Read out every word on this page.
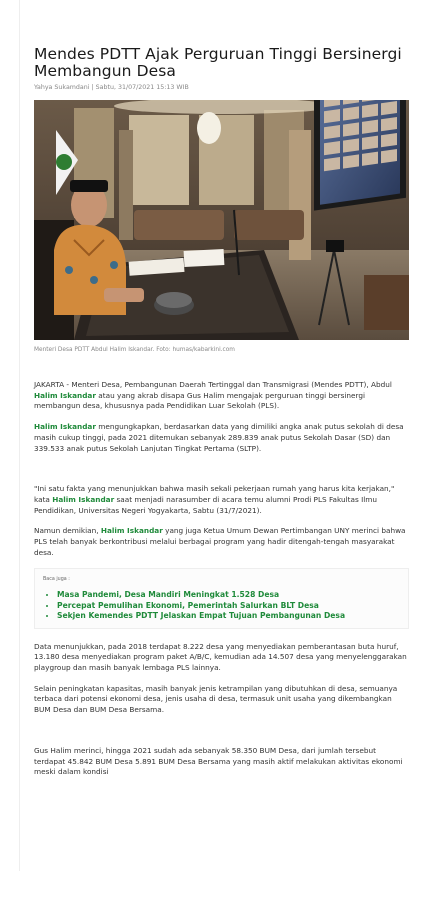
Mendes PDTT Ajak Perguruan Tinggi Bersinergi Membangun Desa
Yahya Sukamdani | Sabtu, 31/07/2021 15:13 WIB
Menteri Desa PDTT Abdul Halim Iskandar. Foto: humas/kabarkini.com

JAKARTA - Menteri Desa, Pembangunan Daerah Tertinggal dan Transmigrasi (Mendes PDTT), Abdul Halim Iskandar atau yang akrab disapa Gus Halim mengajak perguruan tinggi bersinergi membangun desa, khususnya pada Pendidikan Luar Sekolah (PLS).

Halim Iskandar mengungkapkan, berdasarkan data yang dimiliki angka anak putus sekolah di desa masih cukup tinggi, pada 2021 ditemukan sebanyak 289.839 anak putus Sekolah Dasar (SD) dan 339.533 anak putus Sekolah Lanjutan Tingkat Pertama (SLTP).

"Ini satu fakta yang menunjukkan bahwa masih sekali pekerjaan rumah yang harus kita kerjakan," kata Halim Iskandar saat menjadi narasumber di acara temu alumni Prodi PLS Fakultas Ilmu Pendidikan, Universitas Negeri Yogyakarta, Sabtu (31/7/2021).

Namun demikian, Halim Iskandar yang juga Ketua Umum Dewan Pertimbangan UNY merinci bahwa PLS telah banyak berkontribusi melalui berbagai program yang hadir ditengah-tengah masyarakat desa.

Baca juga :
• Masa Pandemi, Desa Mandiri Meningkat 1.528 Desa
• Percepat Pemulihan Ekonomi, Pemerintah Salurkan BLT Desa
• Sekjen Kemendes PDTT Jelaskan Empat Tujuan Pembangunan Desa

Data menunjukkan, pada 2018 terdapat 8.222 desa yang menyediakan pemberantasan buta huruf, 13.180 desa menyediakan program paket A/B/C, kemudian ada 14.507 desa yang menyelenggarakan playgroup dan masih banyak lembaga PLS lainnya.

Selain peningkatan kapasitas, masih banyak jenis ketrampilan yang dibutuhkan di desa, semuanya terbaca dari potensi ekonomi desa, jenis usaha di desa, termasuk unit usaha yang dikembangkan BUM Desa dan BUM Desa Bersama.

Gus Halim merinci, hingga 2021 sudah ada sebanyak 58.350 BUM Desa, dari jumlah tersebut terdapat 45.842 BUM Desa 5.891 BUM Desa Bersama yang masih aktif melakukan aktivitas ekonomi meski dalam kondisi
